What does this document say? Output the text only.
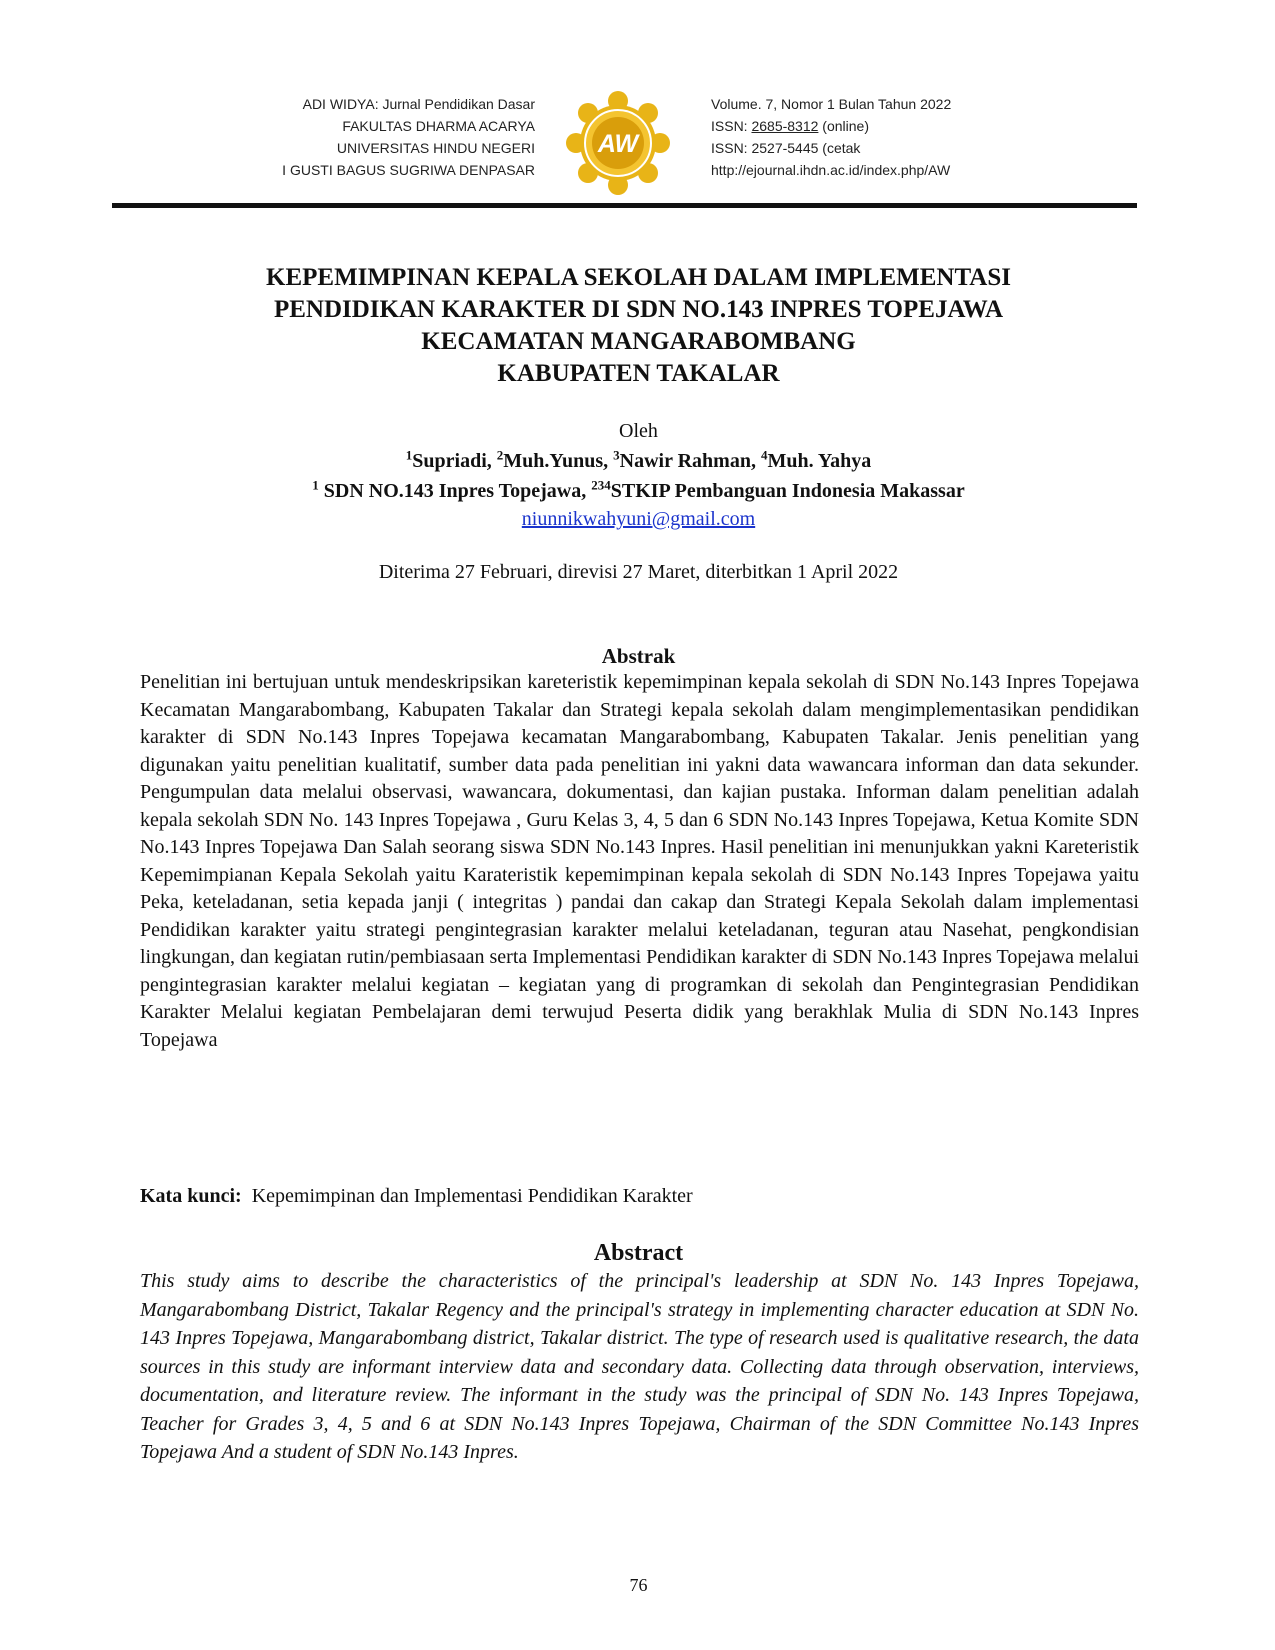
ADI WIDYA: Jurnal Pendidikan Dasar
FAKULTAS DHARMA ACARYA
UNIVERSITAS HINDU NEGERI
I GUSTI BAGUS SUGRIWA DENPASAR
AW
Volume. 7, Nomor 1 Bulan Tahun 2022
ISSN: 2685-8312 (online)
ISSN: 2527-5445 (cetak
http://ejournal.ihdn.ac.id/index.php/AW
KEPEMIMPINAN KEPALA SEKOLAH DALAM IMPLEMENTASI
PENDIDIKAN KARAKTER DI SDN NO.143 INPRES TOPEJAWA
KECAMATAN MANGARABOMBANG
KABUPATEN TAKALAR
Oleh
$^1$Supriadi, $^2$Muh.Yunus, $^3$Nawir Rahman, $^4$Muh. Yahya
$^1$ SDN NO.143 Inpres Topejawa, $^{234}$STKIP Pembanguan Indonesia Makassar
niunnikwahyuni@gmail.com
Diterima 27 Februari, direvisi 27 Maret, diterbitkan 1 April 2022
Abstrak
Penelitian ini bertujuan untuk mendeskripsikan kareteristik kepemimpinan kepala sekolah di SDN No.143 Inpres Topejawa Kecamatan Mangarabombang, Kabupaten Takalar dan Strategi kepala sekolah dalam mengimplementasikan pendidikan karakter di SDN No.143 Inpres Topejawa kecamatan Mangarabombang, Kabupaten Takalar. Jenis penelitian yang digunakan yaitu penelitian kualitatif, sumber data pada penelitian ini yakni data wawancara informan dan data sekunder. Pengumpulan data melalui observasi, wawancara, dokumentasi, dan kajian pustaka. Informan dalam penelitian adalah kepala sekolah SDN No. 143 Inpres Topejawa , Guru Kelas 3, 4, 5 dan 6 SDN No.143 Inpres Topejawa, Ketua Komite SDN No.143 Inpres Topejawa Dan Salah seorang siswa SDN No.143 Inpres. Hasil penelitian ini menunjukkan yakni Kareteristik Kepemimpianan Kepala Sekolah yaitu Karateristik kepemimpinan kepala sekolah di SDN No.143 Inpres Topejawa yaitu Peka, keteladanan, setia kepada janji ( integritas ) pandai dan cakap dan Strategi Kepala Sekolah dalam implementasi Pendidikan karakter yaitu strategi pengintegrasian karakter melalui keteladanan, teguran atau Nasehat, pengkondisian lingkungan, dan kegiatan rutin/pembiasaan serta Implementasi Pendidikan karakter di SDN No.143 Inpres Topejawa melalui pengintegrasian karakter melalui kegiatan – kegiatan yang di programkan di sekolah dan Pengintegrasian Pendidikan Karakter Melalui kegiatan Pembelajaran demi terwujud Peserta didik yang berakhlak Mulia di SDN No.143 Inpres Topejawa
Kata kunci: Kepemimpinan dan Implementasi Pendidikan Karakter
Abstract
This study aims to describe the characteristics of the principal's leadership at SDN No. 143 Inpres Topejawa, Mangarabombang District, Takalar Regency and the principal's strategy in implementing character education at SDN No. 143 Inpres Topejawa, Mangarabombang district, Takalar district. The type of research used is qualitative research, the data sources in this study are informant interview data and secondary data. Collecting data through observation, interviews, documentation, and literature review. The informant in the study was the principal of SDN No. 143 Inpres Topejawa, Teacher for Grades 3, 4, 5 and 6 at SDN No.143 Inpres Topejawa, Chairman of the SDN Committee No.143 Inpres Topejawa And a student of SDN No.143 Inpres.
76
